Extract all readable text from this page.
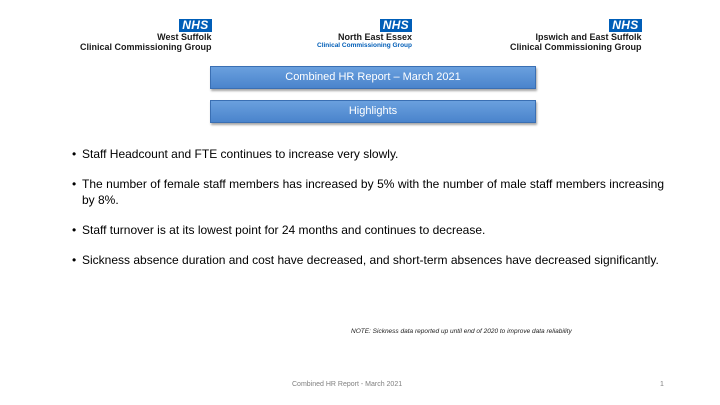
NHS
West Suffolk
Clinical Commissioning Group
NHS
North East Essex
Clinical Commissioning Group
NHS
Ipswich and East Suffolk
Clinical Commissioning Group
Combined HR Report – March 2021
Highlights
• Staff Headcount and FTE continues to increase very slowly.
• The number of female staff members has increased by 5% with the number of male staff members increasing by 8%.
• Staff turnover is at its lowest point for 24 months and continues to decrease.
• Sickness absence duration and cost have decreased, and short-term absences have decreased significantly.
NOTE: Sickness data reported up until end of 2020 to improve data reliability
Combined HR Report - March 2021	1
